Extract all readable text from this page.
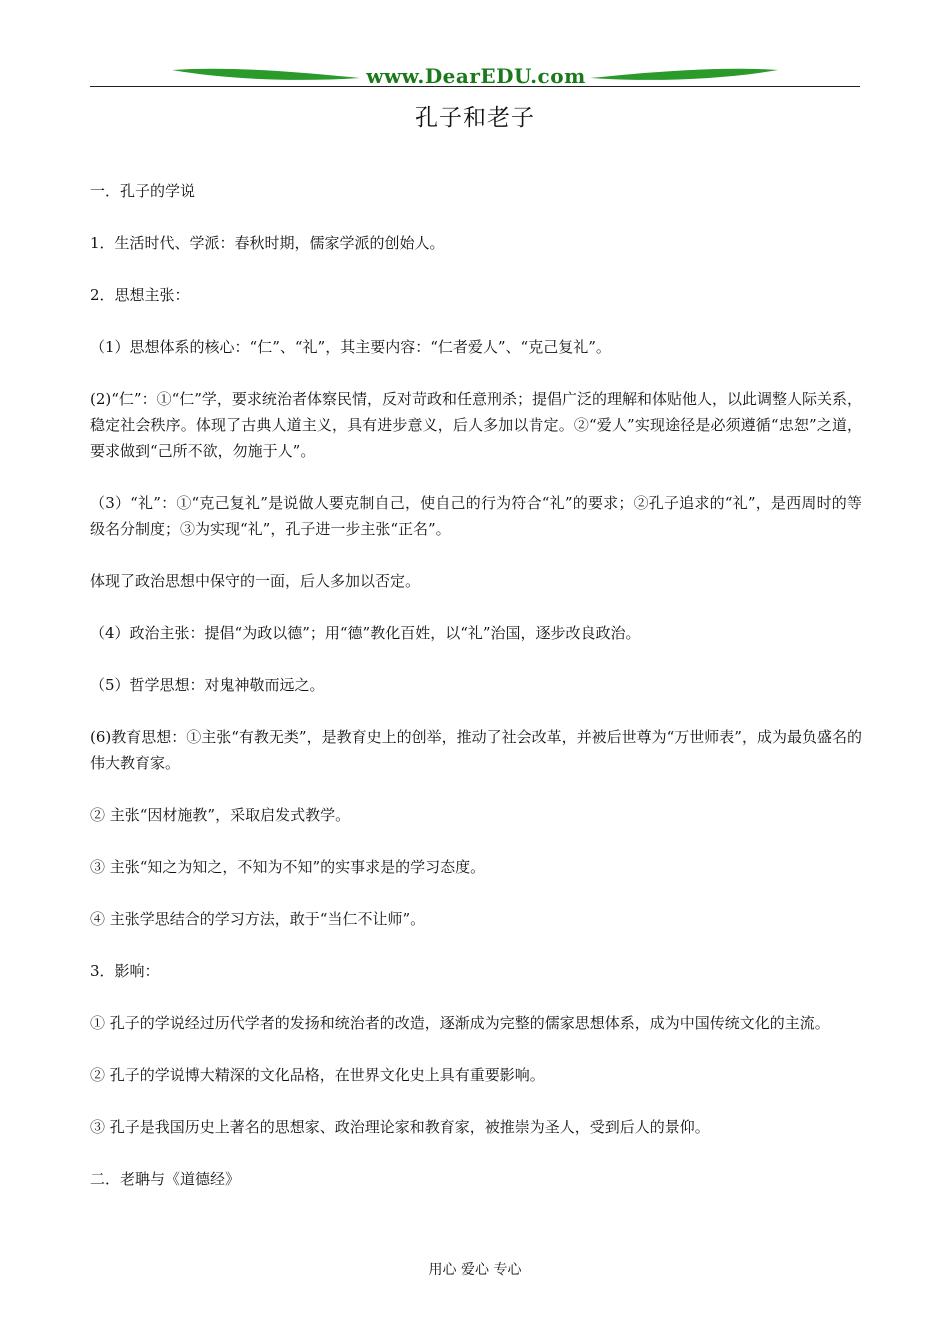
www.DearEDU.com
孔子和老子

一．孔子的学说

1．生活时代、学派：春秋时期，儒家学派的创始人。

2．思想主张：

（1）思想体系的核心：“仁”、“礼”，其主要内容：“仁者爱人”、“克己复礼”。

(2)“仁”：①“仁”学，要求统治者体察民情，反对苛政和任意刑杀；提倡广泛的理解和体贴他人，以此调整人际关系，稳定社会秩序。体现了古典人道主义，具有进步意义，后人多加以肯定。②“爱人”实现途径是必须遵循“忠恕”之道，要求做到“己所不欲，勿施于人”。

（3）“礼”：①“克己复礼”是说做人要克制自己，使自己的行为符合“礼”的要求；②孔子追求的“礼”，是西周时的等级名分制度；③为实现“礼”，孔子进一步主张“正名”。

体现了政治思想中保守的一面，后人多加以否定。

（4）政治主张：提倡“为政以德”；用“德”教化百姓，以“礼”治国，逐步改良政治。

（5）哲学思想：对鬼神敬而远之。

(6)教育思想：①主张“有教无类”，是教育史上的创举，推动了社会改革，并被后世尊为“万世师表”，成为最负盛名的伟大教育家。

② 主张“因材施教”，采取启发式教学。

③ 主张“知之为知之，不知为不知”的实事求是的学习态度。

④ 主张学思结合的学习方法，敢于“当仁不让师”。

3．影响：

① 孔子的学说经过历代学者的发扬和统治者的改造，逐渐成为完整的儒家思想体系，成为中国传统文化的主流。

② 孔子的学说博大精深的文化品格，在世界文化史上具有重要影响。

③ 孔子是我国历史上著名的思想家、政治理论家和教育家，被推崇为圣人，受到后人的景仰。

二．老聃与《道德经》

用心 爱心 专心
